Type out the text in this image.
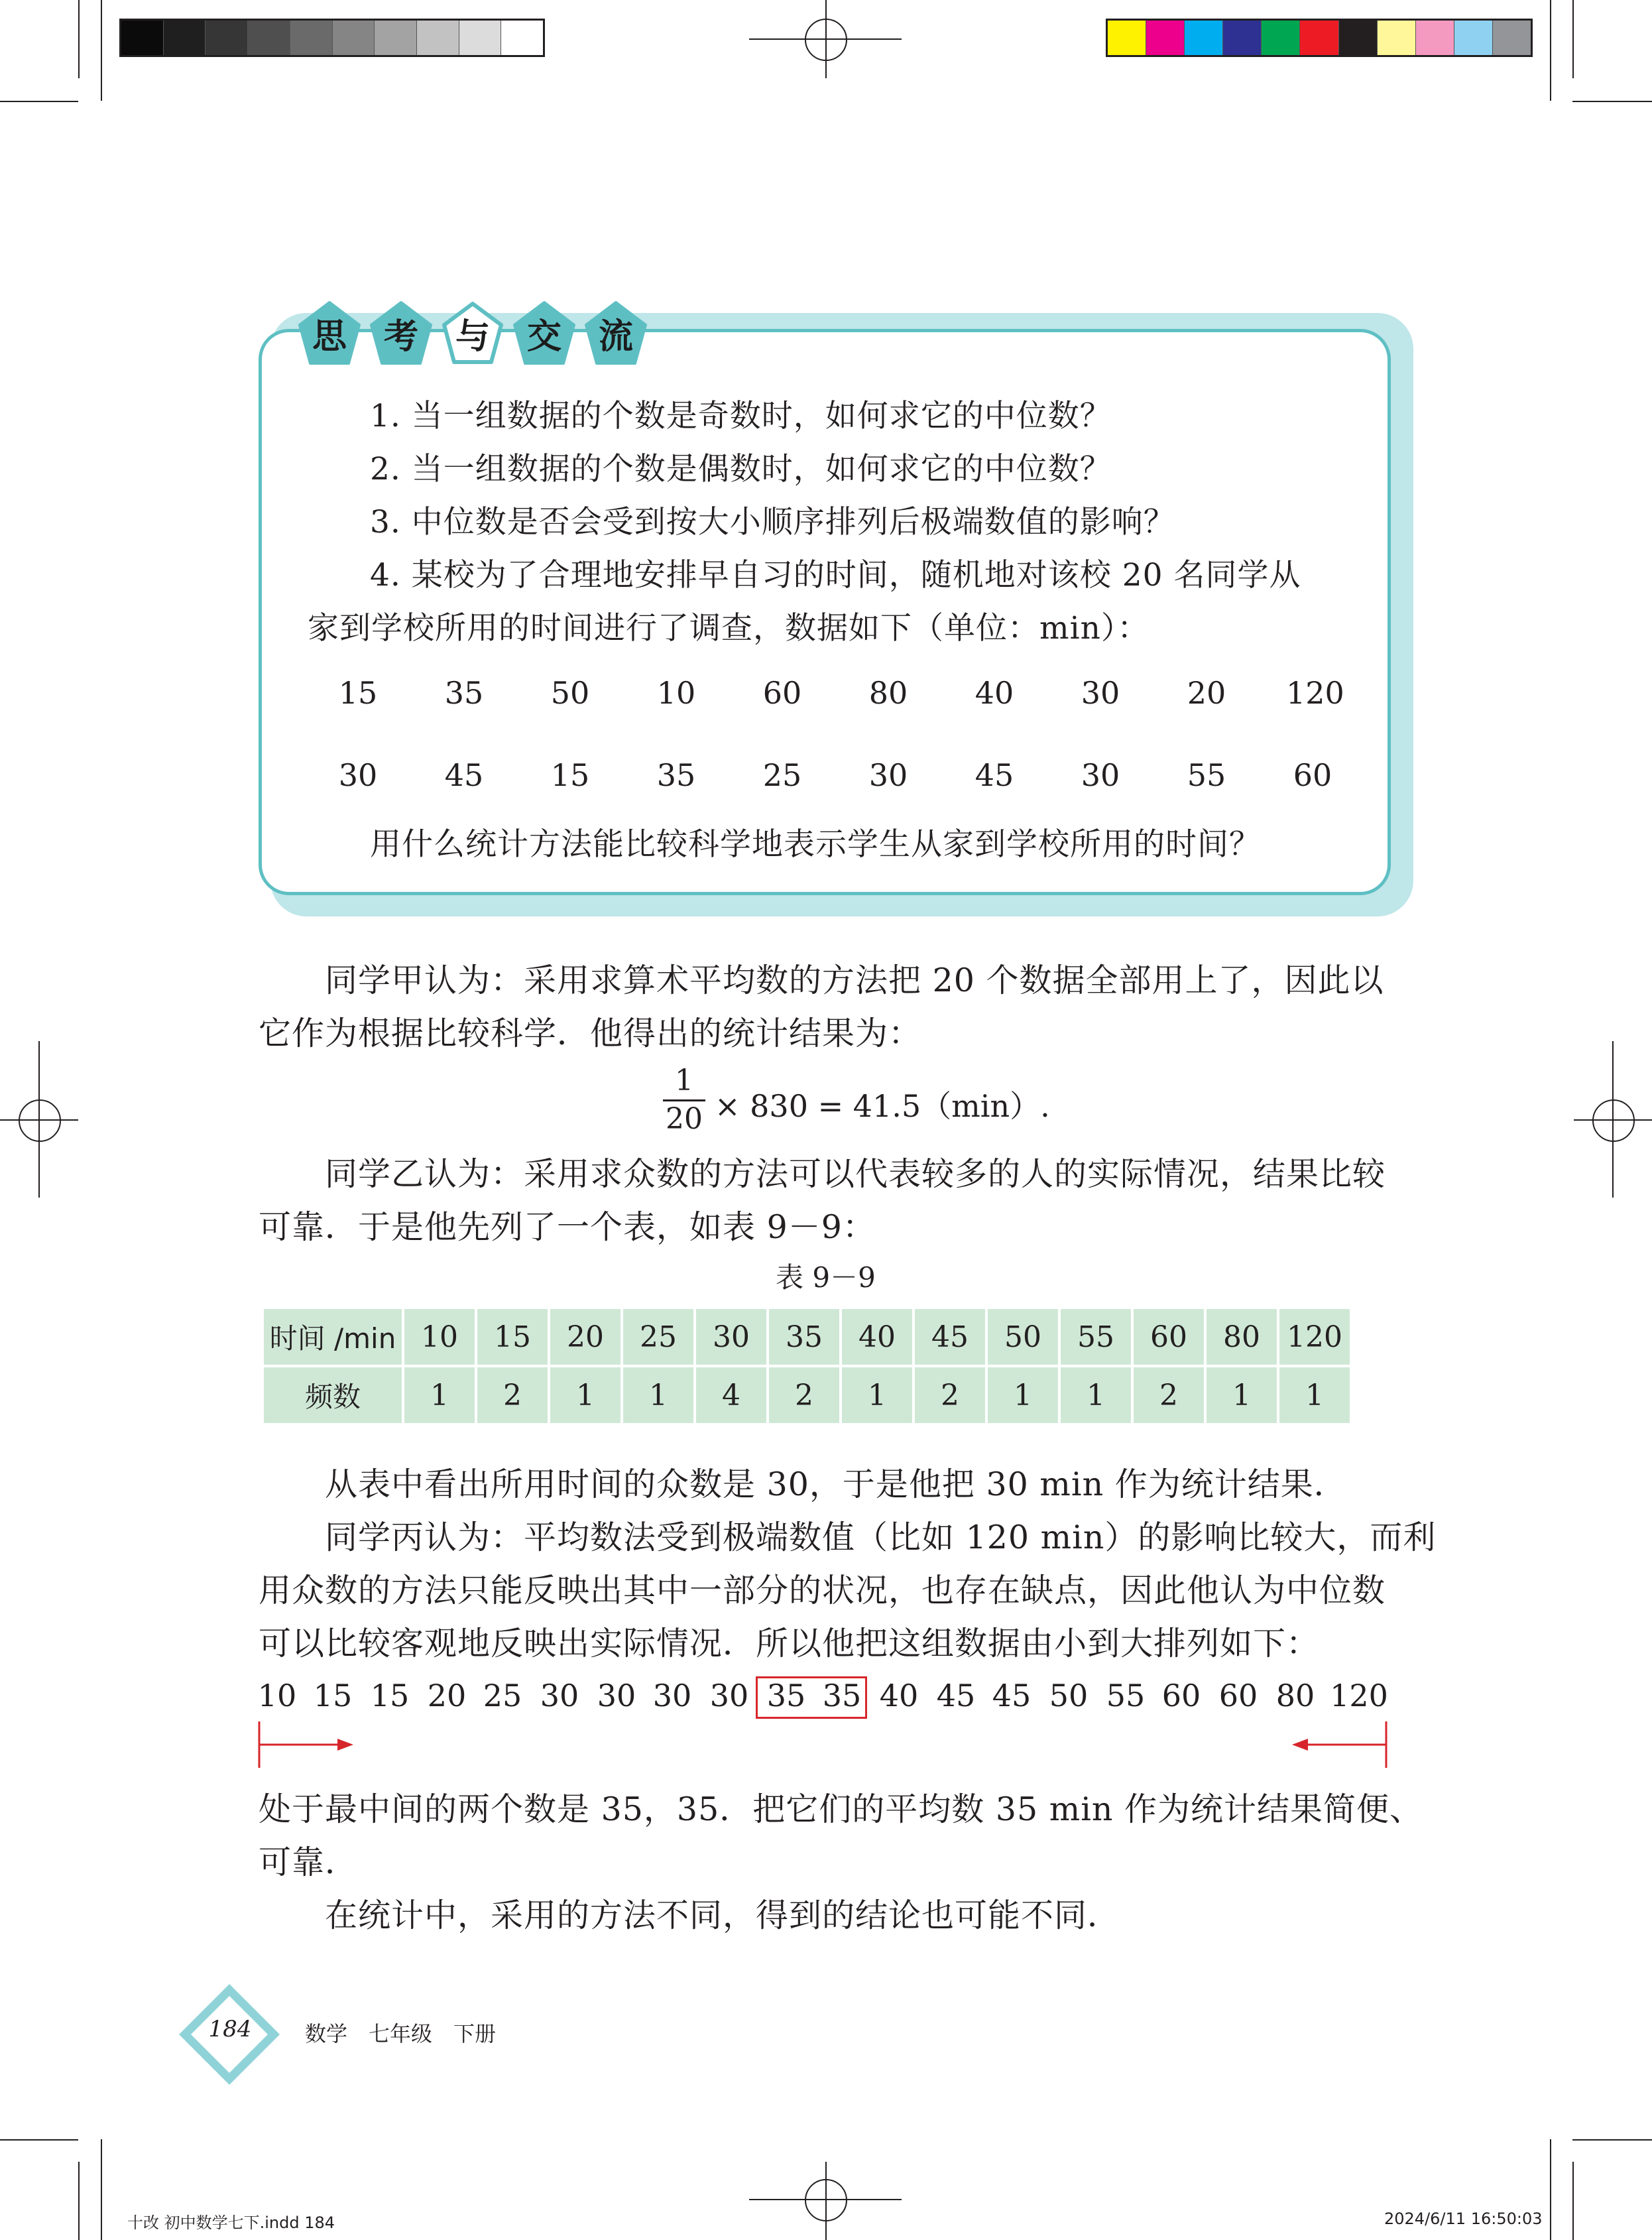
思 考 与 交 流
1. 当一组数据的个数是奇数时，如何求它的中位数？
2. 当一组数据的个数是偶数时，如何求它的中位数？
3. 中位数是否会受到按大小顺序排列后极端数值的影响？
4. 某校为了合理地安排早自习的时间，随机地对该校 20 名同学从
家到学校所用的时间进行了调查，数据如下（单位：min）：
15 35 50 10 60 80 40 30 20 120
30 45 15 35 25 30 45 30 55 60
用什么统计方法能比较科学地表示学生从家到学校所用的时间？
同学甲认为：采用求算术平均数的方法把 20 个数据全部用上了，因此以
它作为根据比较科学．他得出的统计结果为：
1
20 × 830 = 41.5（min）.
同学乙认为：采用求众数的方法可以代表较多的人的实际情况，结果比较
可靠．于是他先列了一个表，如表 9－9：
表 9－9
时间 /min	10	15	20	25	30	35	40	45	50	55	60	80	120
频数	1	2	1	1	4	2	1	2	1	1	2	1	1
从表中看出所用时间的众数是 30，于是他把 30 min 作为统计结果．
同学丙认为：平均数法受到极端数值（比如 120 min）的影响比较大，而利
用众数的方法只能反映出其中一部分的状况，也存在缺点，因此他认为中位数
可以比较客观地反映出实际情况．所以他把这组数据由小到大排列如下：
10 15 15 20 25 30 30 30 30 35 35 40 45 45 50 55 60 60 80 120
处于最中间的两个数是 35，35．把它们的平均数 35 min 作为统计结果简便、
可靠．
在统计中，采用的方法不同，得到的结论也可能不同．
184	数学　七年级　下册
十改 初中数学七下.indd 184	2024/6/11 16:50:03
